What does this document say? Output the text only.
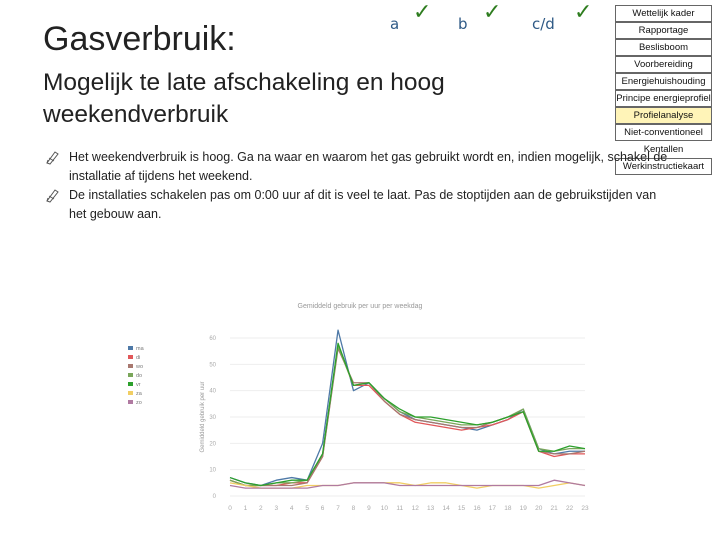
Gasverbruik:
Mogelijk te late afschakeling en hoog weekendverbruik
a ✓ b ✓ c/d ✓	Wettelijk kader
Rapportage
Beslisboom
Voorbereiding
Energiehuishouding
Principe energieprofiel
Profielanalyse
Niet-conventioneel
Kentallen
Werkinstructiekaart
Het weekendverbruik is hoog. Ga na waar en waarom het gas gebruikt wordt en, indien mogelijk, schakel de installatie af tijdens het weekend.
De installaties schakelen pas om 0:00 uur af dit is veel te laat. Pas de stoptijden aan de gebruikstijden van het gebouw aan.
Gemiddeld gebruik per uur per weekdag
0
10
20
30
40
50
60
0 1 2 3 4 5 6 7 8 9 10 11 12 13 14 15 16 17 18 19 20 21 22 23
Gemiddeld gebruik per uur
ma
di
wo
do
vr
za
zo
